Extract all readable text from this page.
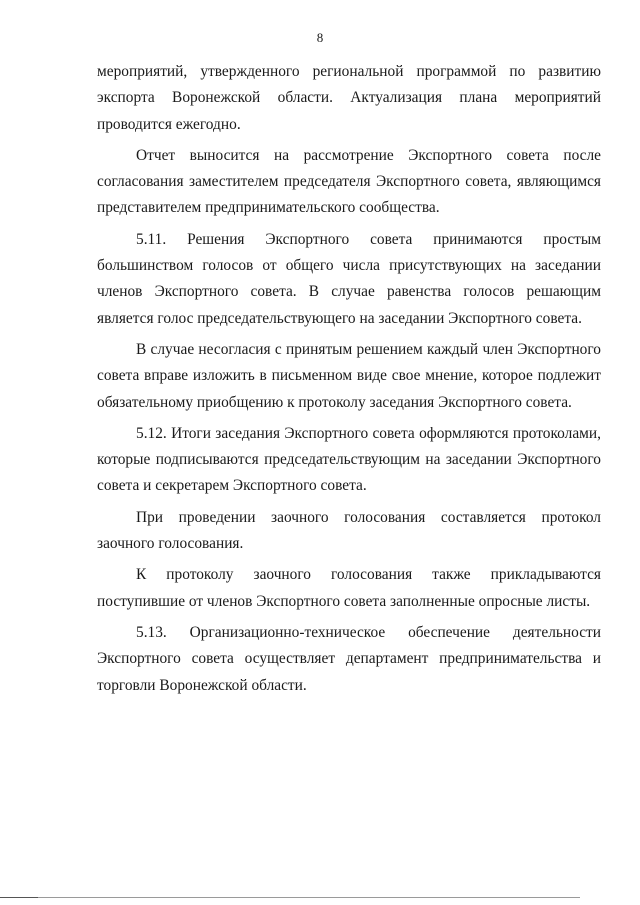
8

мероприятий, утвержденного региональной программой по развитию экспорта Воронежской области. Актуализация плана мероприятий проводится ежегодно.

Отчет выносится на рассмотрение Экспортного совета после согласования заместителем председателя Экспортного совета, являющимся представителем предпринимательского сообщества.

5.11. Решения Экспортного совета принимаются простым большинством голосов от общего числа присутствующих на заседании членов Экспортного совета. В случае равенства голосов решающим является голос председательствующего на заседании Экспортного совета.

В случае несогласия с принятым решением каждый член Экспортного совета вправе изложить в письменном виде свое мнение, которое подлежит обязательному приобщению к протоколу заседания Экспортного совета.

5.12. Итоги заседания Экспортного совета оформляются протоколами, которые подписываются председательствующим на заседании Экспортного совета и секретарем Экспортного совета.

При проведении заочного голосования составляется протокол заочного голосования.

К протоколу заочного голосования также прикладываются поступившие от членов Экспортного совета заполненные опросные листы.

5.13. Организационно-техническое обеспечение деятельности Экспортного совета осуществляет департамент предпринимательства и торговли Воронежской области.
